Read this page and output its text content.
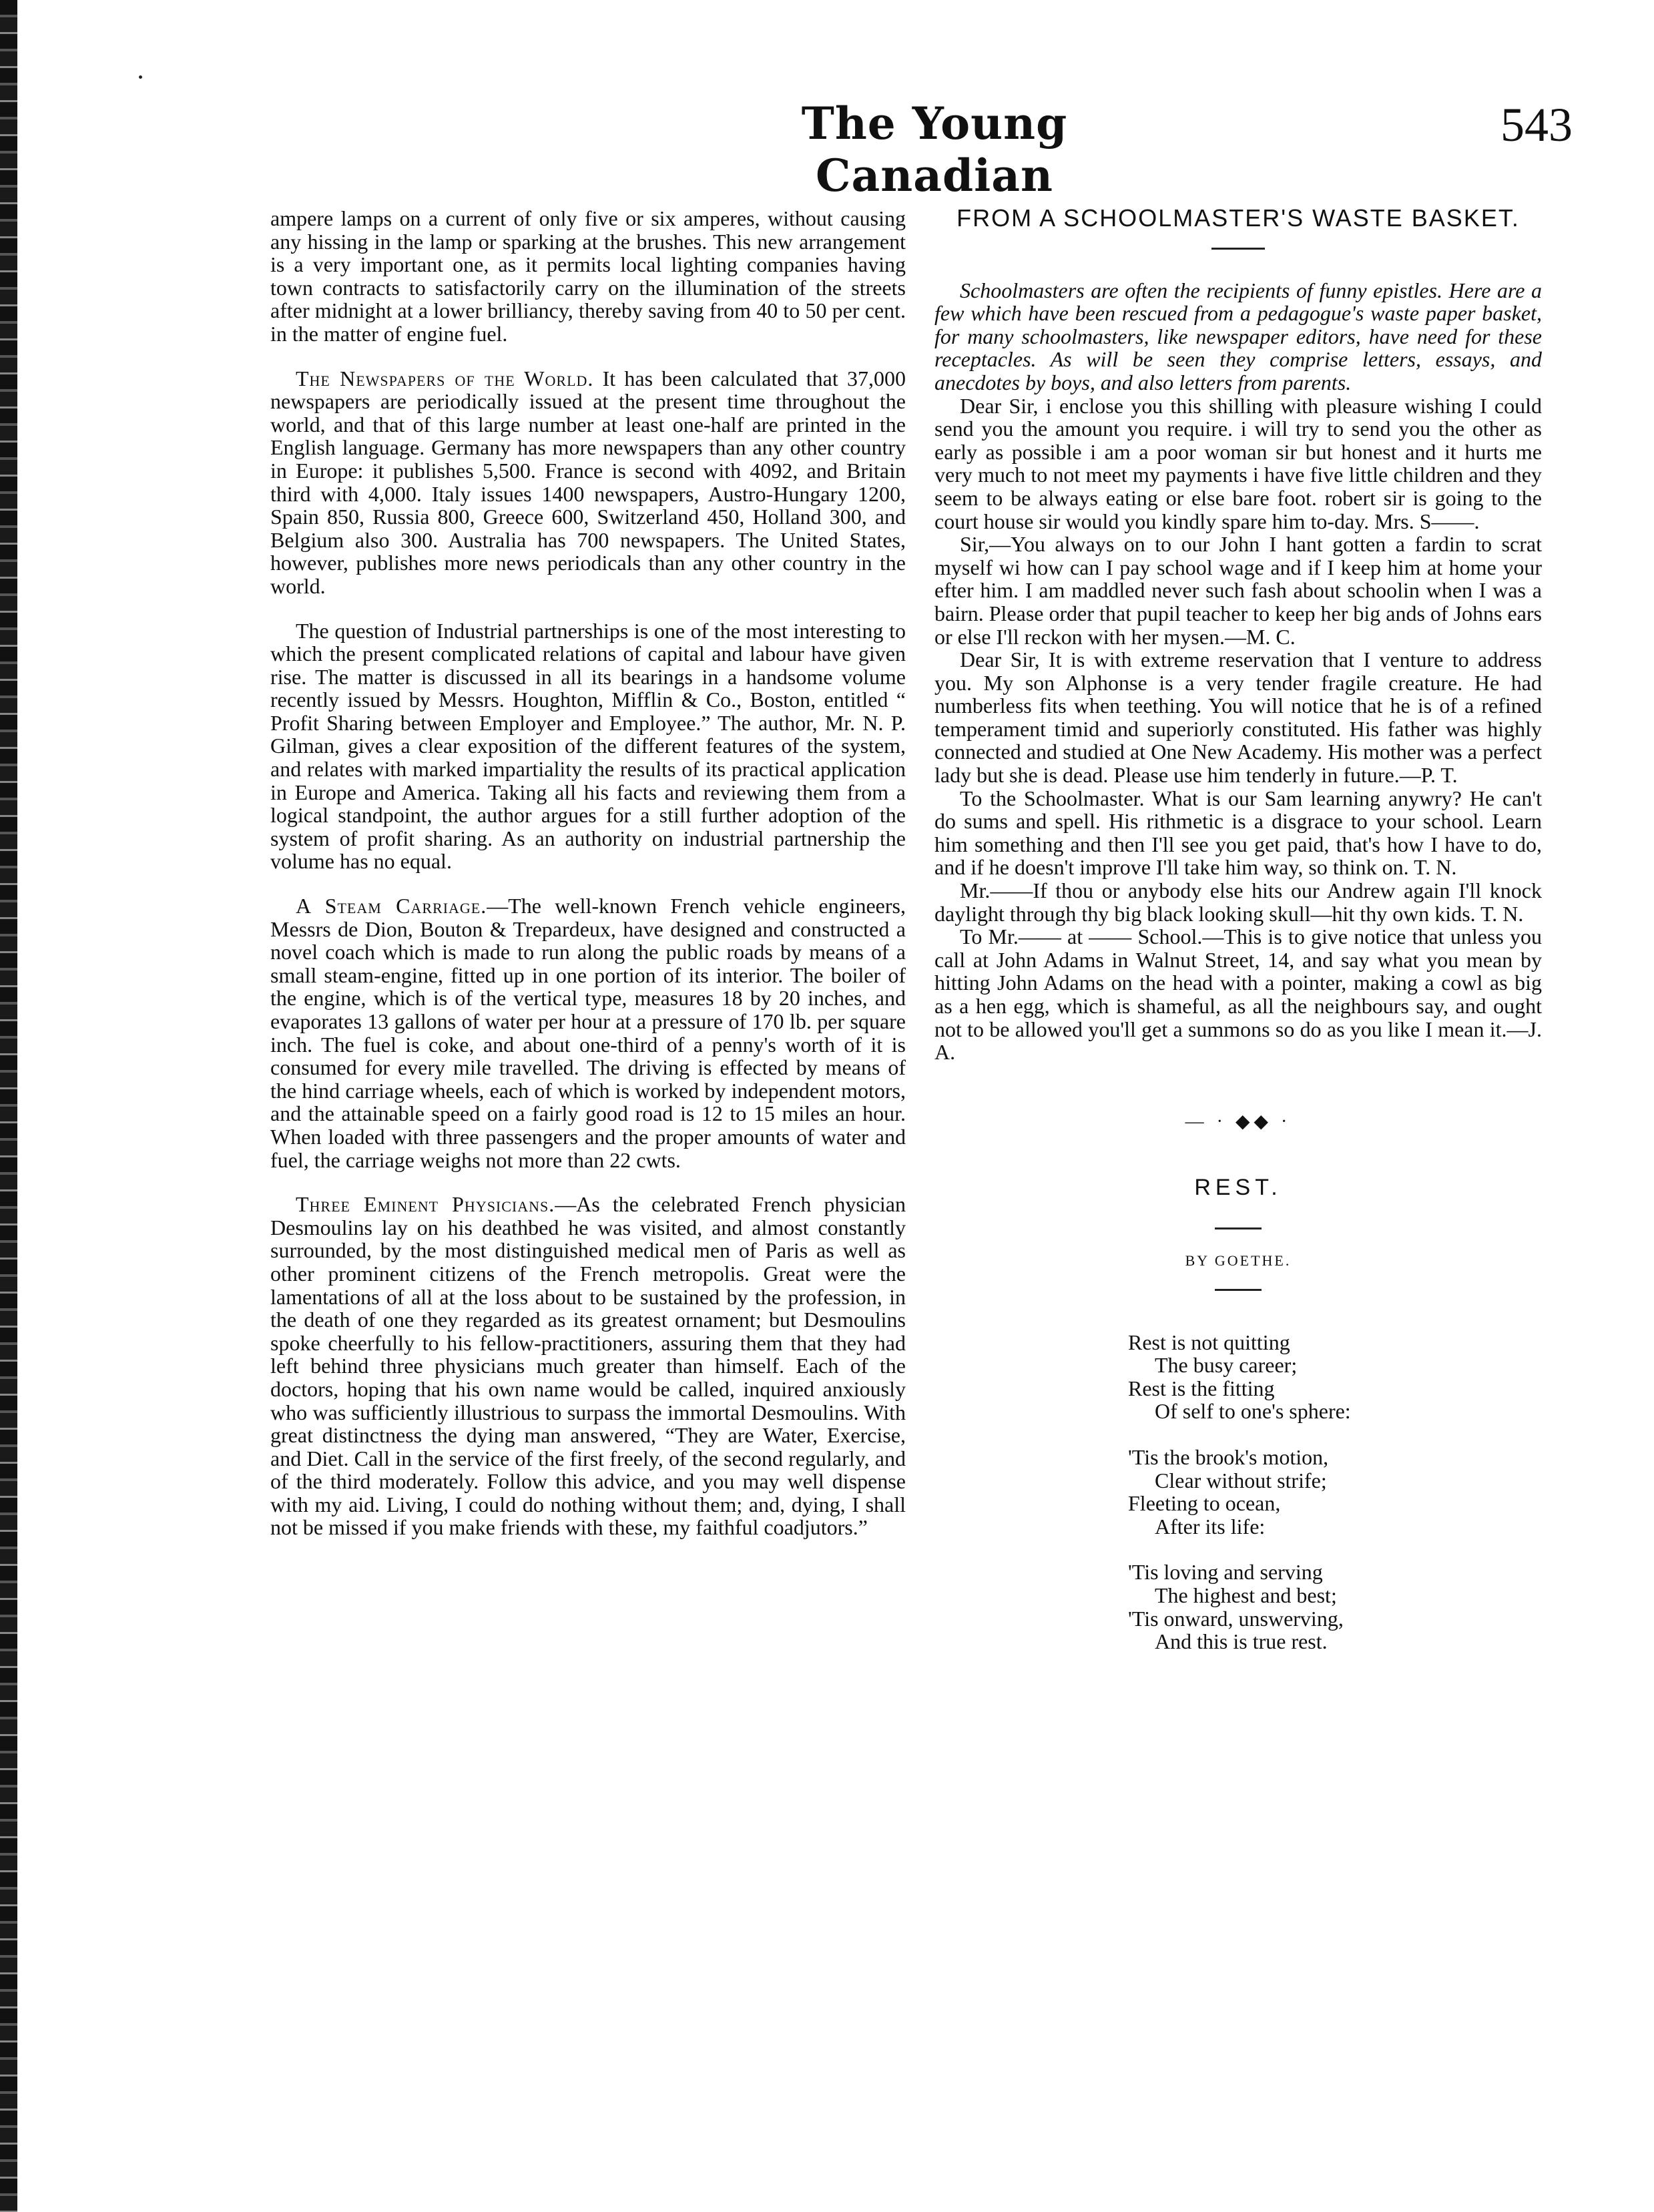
The Young Canadian
543

ampere lamps on a current of only five or six amperes, without causing any hissing in the lamp or sparking at the brushes. This new arrangement is a very important one, as it permits local lighting companies having town contracts to satisfactorily carry on the illumination of the streets after midnight at a lower brilliancy, thereby saving from 40 to 50 per cent. in the matter of engine fuel.

The Newspapers of the World. It has been calculated that 37,000 newspapers are periodically issued at the present time throughout the world, and that of this large number at least one-half are printed in the English language. Germany has more newspapers than any other country in Europe: it publishes 5,500. France is second with 4092, and Britain third with 4,000. Italy issues 1400 newspapers, Austro-Hungary 1200, Spain 850, Russia 800, Greece 600, Switzerland 450, Holland 300, and Belgium also 300. Australia has 700 newspapers. The United States, however, publishes more news periodicals than any other country in the world.

The question of Industrial partnerships is one of the most interesting to which the present complicated relations of capital and labour have given rise. The matter is discussed in all its bearings in a handsome volume recently issued by Messrs. Houghton, Mifflin & Co., Boston, entitled “ Profit Sharing between Employer and Employee.” The author, Mr. N. P. Gilman, gives a clear exposition of the different features of the system, and relates with marked impartiality the results of its practical application in Europe and America. Taking all his facts and reviewing them from a logical standpoint, the author argues for a still further adoption of the system of profit sharing. As an authority on industrial partnership the volume has no equal.

A Steam Carriage.—The well-known French vehicle engineers, Messrs de Dion, Bouton & Trepardeux, have designed and constructed a novel coach which is made to run along the public roads by means of a small steam-engine, fitted up in one portion of its interior. The boiler of the engine, which is of the vertical type, measures 18 by 20 inches, and evaporates 13 gallons of water per hour at a pressure of 170 lb. per square inch. The fuel is coke, and about one-third of a penny's worth of it is consumed for every mile travelled. The driving is effected by means of the hind carriage wheels, each of which is worked by independent motors, and the attainable speed on a fairly good road is 12 to 15 miles an hour. When loaded with three passengers and the proper amounts of water and fuel, the carriage weighs not more than 22 cwts.

Three Eminent Physicians.—As the celebrated French physician Desmoulins lay on his deathbed he was visited, and almost constantly surrounded, by the most distinguished medical men of Paris as well as other prominent citizens of the French metropolis. Great were the lamentations of all at the loss about to be sustained by the profession, in the death of one they regarded as its greatest ornament; but Desmoulins spoke cheerfully to his fellow-practitioners, assuring them that they had left behind three physicians much greater than himself. Each of the doctors, hoping that his own name would be called, inquired anxiously who was sufficiently illustrious to surpass the immortal Desmoulins. With great distinctness the dying man answered, “They are Water, Exercise, and Diet. Call in the service of the first freely, of the second regularly, and of the third moderately. Follow this advice, and you may well dispense with my aid. Living, I could do nothing without them; and, dying, I shall not be missed if you make friends with these, my faithful coadjutors.”

FROM A SCHOOLMASTER'S WASTE BASKET.

Schoolmasters are often the recipients of funny epistles. Here are a few which have been rescued from a pedagogue's waste paper basket, for many schoolmasters, like newspaper editors, have need for these receptacles. As will be seen they comprise letters, essays, and anecdotes by boys, and also letters from parents.

Dear Sir, i enclose you this shilling with pleasure wishing I could send you the amount you require. i will try to send you the other as early as possible i am a poor woman sir but honest and it hurts me very much to not meet my payments i have five little children and they seem to be always eating or else bare foot. robert sir is going to the court house sir would you kindly spare him to-day. Mrs. S——.

Sir,—You always on to our John I hant gotten a fardin to scrat myself wi how can I pay school wage and if I keep him at home your efter him. I am maddled never such fash about schoolin when I was a bairn. Please order that pupil teacher to keep her big ands of Johns ears or else I'll reckon with her mysen.—M. C.

Dear Sir, It is with extreme reservation that I venture to address you. My son Alphonse is a very tender fragile creature. He had numberless fits when teething. You will notice that he is of a refined temperament timid and superiorly constituted. His father was highly connected and studied at One New Academy. His mother was a perfect lady but she is dead. Please use him tenderly in future.—P. T.

To the Schoolmaster. What is our Sam learning anywry? He can't do sums and spell. His rithmetic is a disgrace to your school. Learn him something and then I'll see you get paid, that's how I have to do, and if he doesn't improve I'll take him way, so think on. T. N.

Mr.——If thou or anybody else hits our Andrew again I'll knock daylight through thy big black looking skull—hit thy own kids. T. N.

To Mr.—— at —— School.—This is to give notice that unless you call at John Adams in Walnut Street, 14, and say what you mean by hitting John Adams on the head with a pointer, making a cowl as big as a hen egg, which is shameful, as all the neighbours say, and ought not to be allowed you'll get a summons so do as you like I mean it.—J. A.

— · ◆◆ ·
REST.
BY GOETHE.
Rest is not quitting
The busy career;
Rest is the fitting
Of self to one's sphere:
'Tis the brook's motion,
Clear without strife;
Fleeting to ocean,
After its life:
'Tis loving and serving
The highest and best;
'Tis onward, unswerving,
And this is true rest.
